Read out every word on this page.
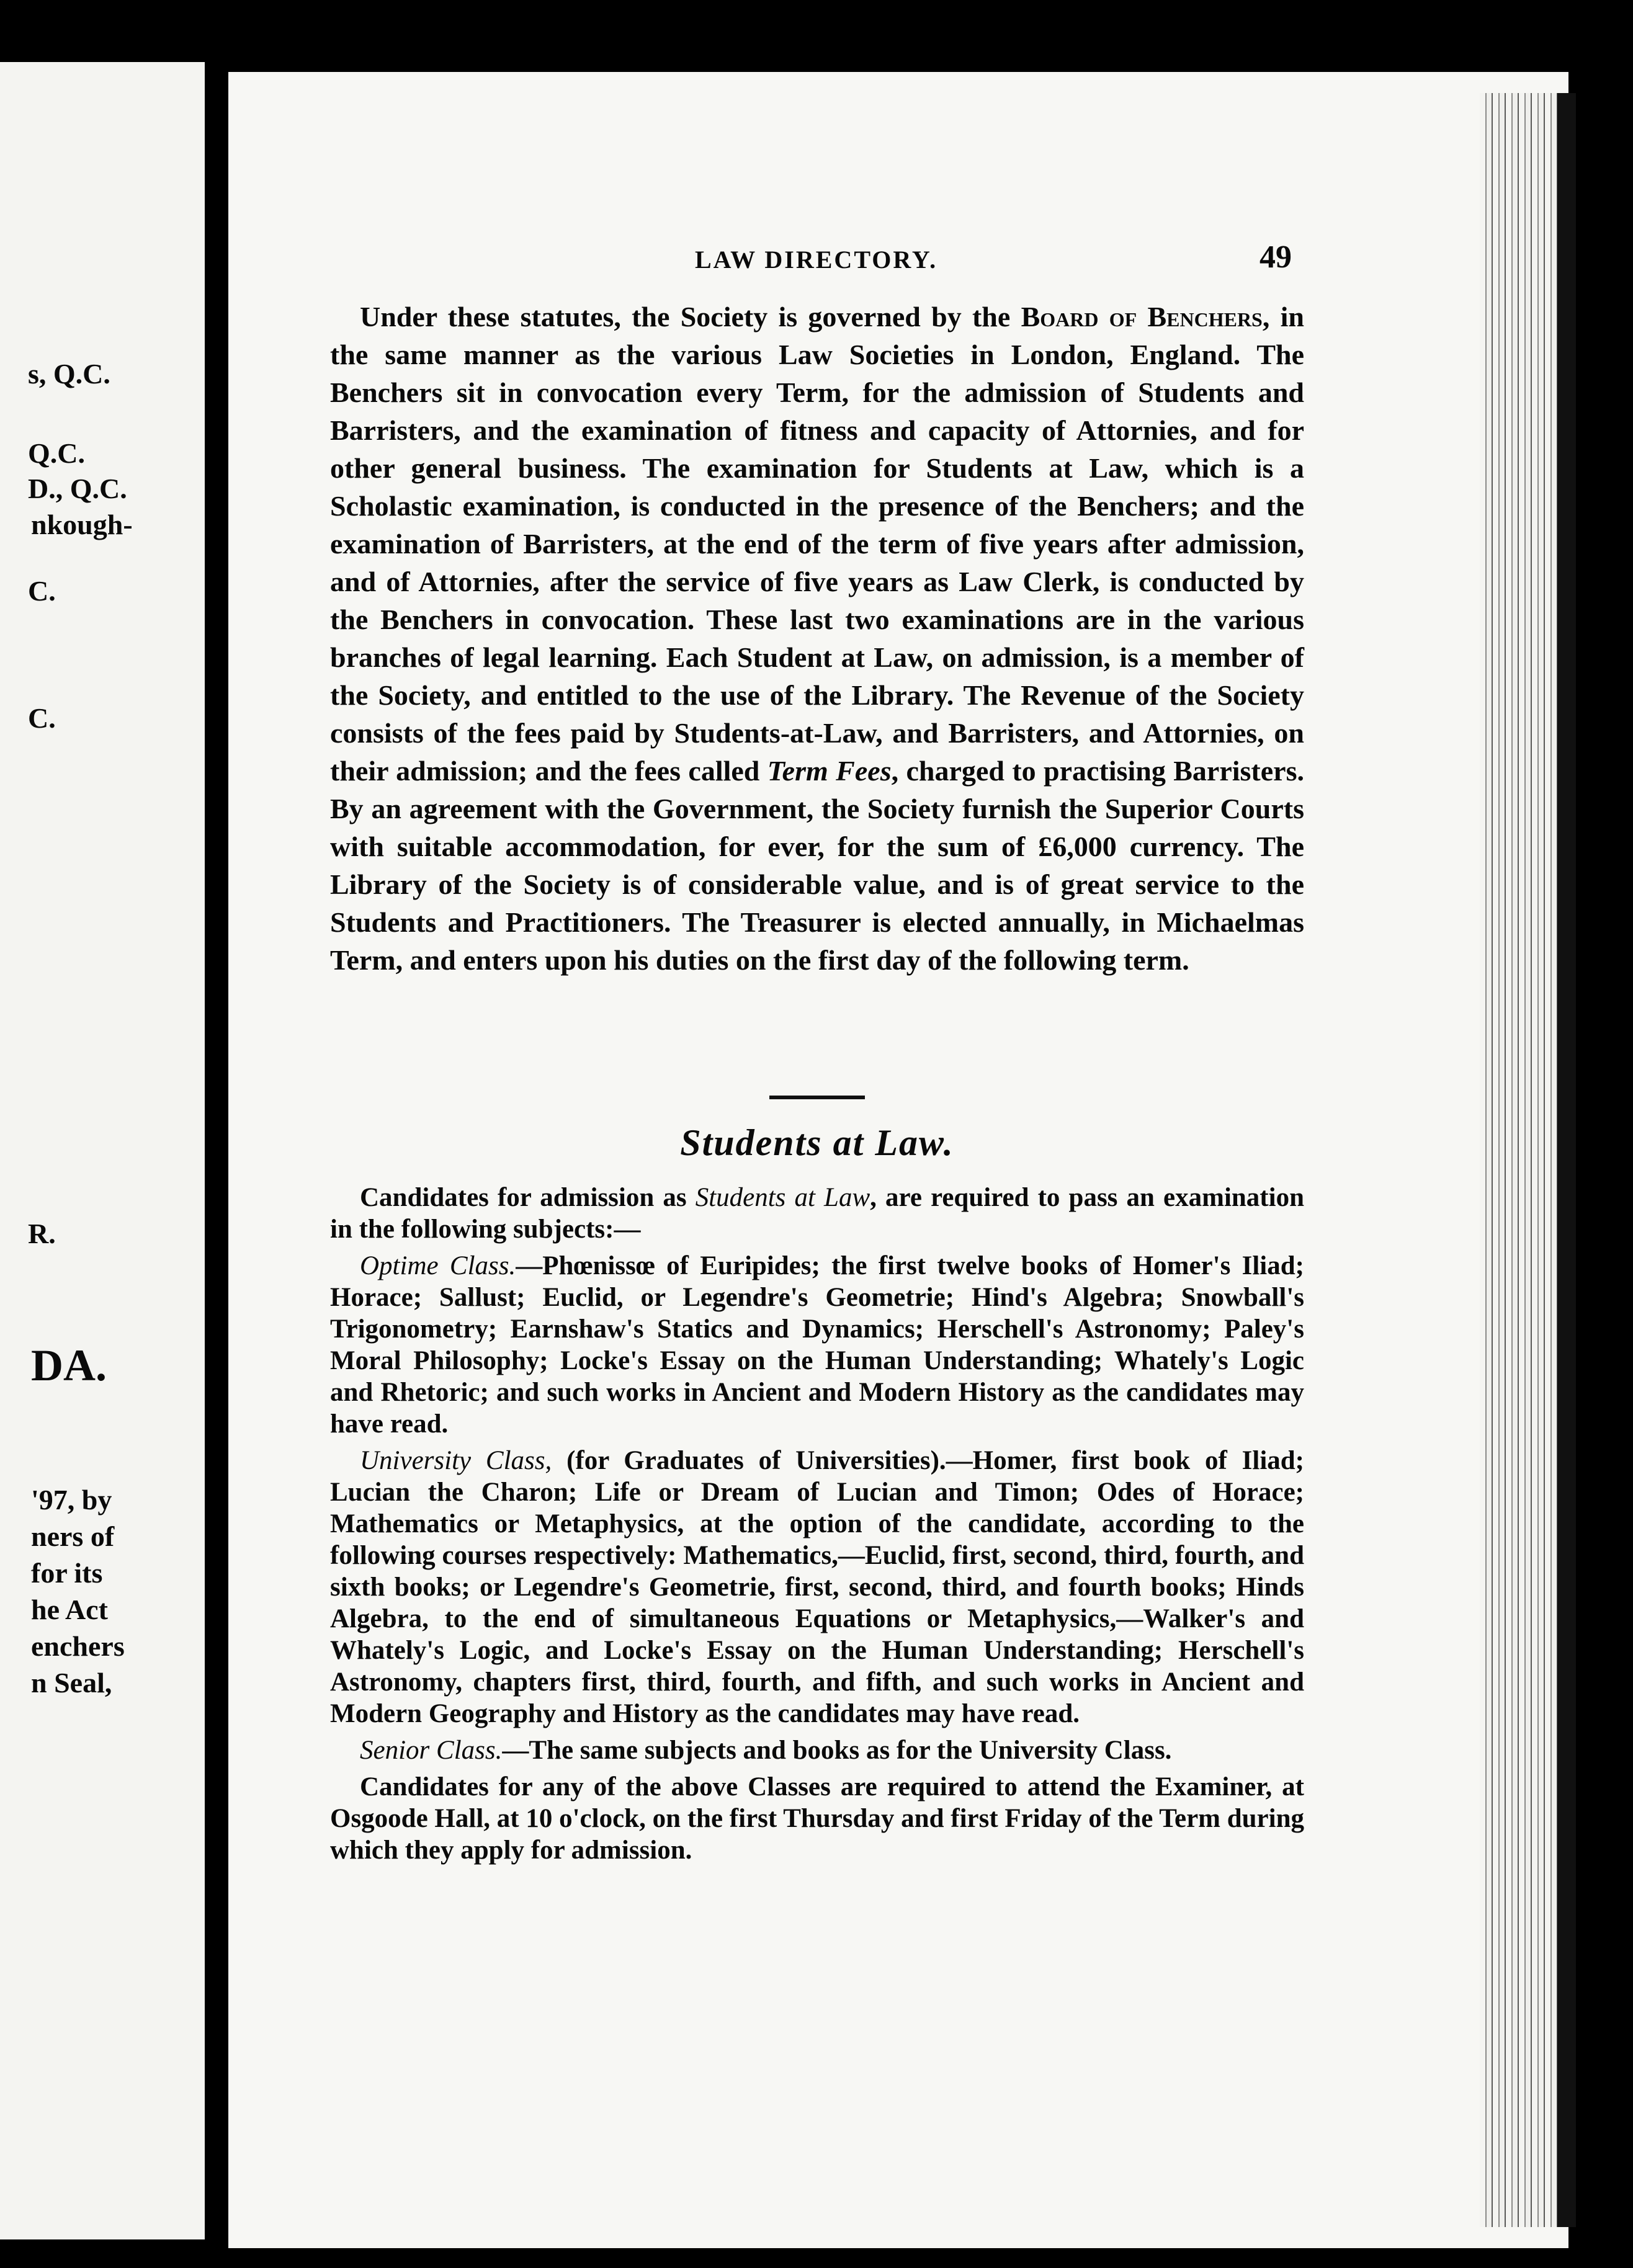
s, Q.C.
Q.C.
D., Q.C.
nkough-
C.
C.
R.
DA.
'97, by
ners of
for its
he Act
enchers
n Seal,
LAW DIRECTORY.	49

Under these statutes, the Society is governed by the Board of Benchers, in the same manner as the various Law Societies in London, England. The Benchers sit in convocation every Term, for the admission of Students and Barristers, and the examination of fitness and capacity of Attornies, and for other general business. The examination for Students at Law, which is a Scholastic examination, is conducted in the presence of the Benchers; and the examination of Barristers, at the end of the term of five years after admission, and of Attornies, after the service of five years as Law Clerk, is conducted by the Benchers in convocation. These last two examinations are in the various branches of legal learning. Each Student at Law, on admission, is a member of the Society, and entitled to the use of the Library. The Revenue of the Society consists of the fees paid by Students-at-Law, and Barristers, and Attornies, on their admission; and the fees called Term Fees, charged to practising Barristers. By an agreement with the Government, the Society furnish the Superior Courts with suitable accommodation, for ever, for the sum of £6,000 currency. The Library of the Society is of considerable value, and is of great service to the Students and Practitioners. The Treasurer is elected annually, in Michaelmas Term, and enters upon his duties on the first day of the following term.

Students at Law.

Candidates for admission as Students at Law, are required to pass an examination in the following subjects:—

Optime Class.—Phœnissœ of Euripides; the first twelve books of Homer's Iliad; Horace; Sallust; Euclid, or Legendre's Geometrie; Hind's Algebra; Snowball's Trigonometry; Earnshaw's Statics and Dynamics; Herschell's Astronomy; Paley's Moral Philosophy; Locke's Essay on the Human Understanding; Whately's Logic and Rhetoric; and such works in Ancient and Modern History as the candidates may have read.

University Class, (for Graduates of Universities).—Homer, first book of Iliad; Lucian the Charon; Life or Dream of Lucian and Timon; Odes of Horace; Mathematics or Metaphysics, at the option of the candidate, according to the following courses respectively: Mathematics,—Euclid, first, second, third, fourth, and sixth books; or Legendre's Geometrie, first, second, third, and fourth books; Hinds Algebra, to the end of simultaneous Equations or Metaphysics,—Walker's and Whately's Logic, and Locke's Essay on the Human Understanding; Herschell's Astronomy, chapters first, third, fourth, and fifth, and such works in Ancient and Modern Geography and History as the candidates may have read.

Senior Class.—The same subjects and books as for the University Class.

Candidates for any of the above Classes are required to attend the Examiner, at Osgoode Hall, at 10 o'clock, on the first Thursday and first Friday of the Term during which they apply for admission.
